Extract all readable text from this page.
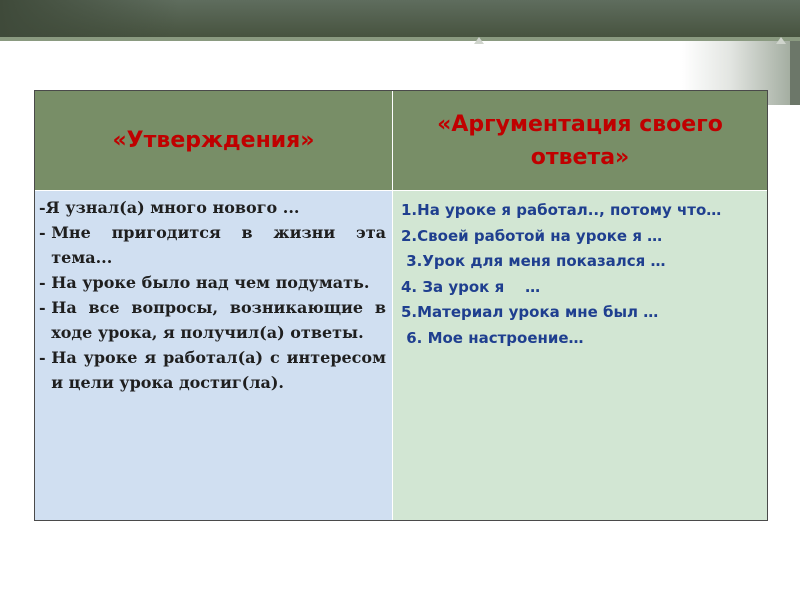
«Утверждения»
«Аргументация своего ответа»
- Я узнал(а) много нового ...
- Мне пригодится в жизни эта тема...
- На уроке было над чем подумать.
- На все вопросы, возникающие в ходе урока, я получил(а) ответы.
- На уроке я работал(а) с интересом и цели урока достиг(ла).
1.На уроке я работал.., потому что…
2.Своей работой на уроке я …
3.Урок для меня показался …
4. За урок я    …
5.Материал урока мне был …
6. Мое настроение…
